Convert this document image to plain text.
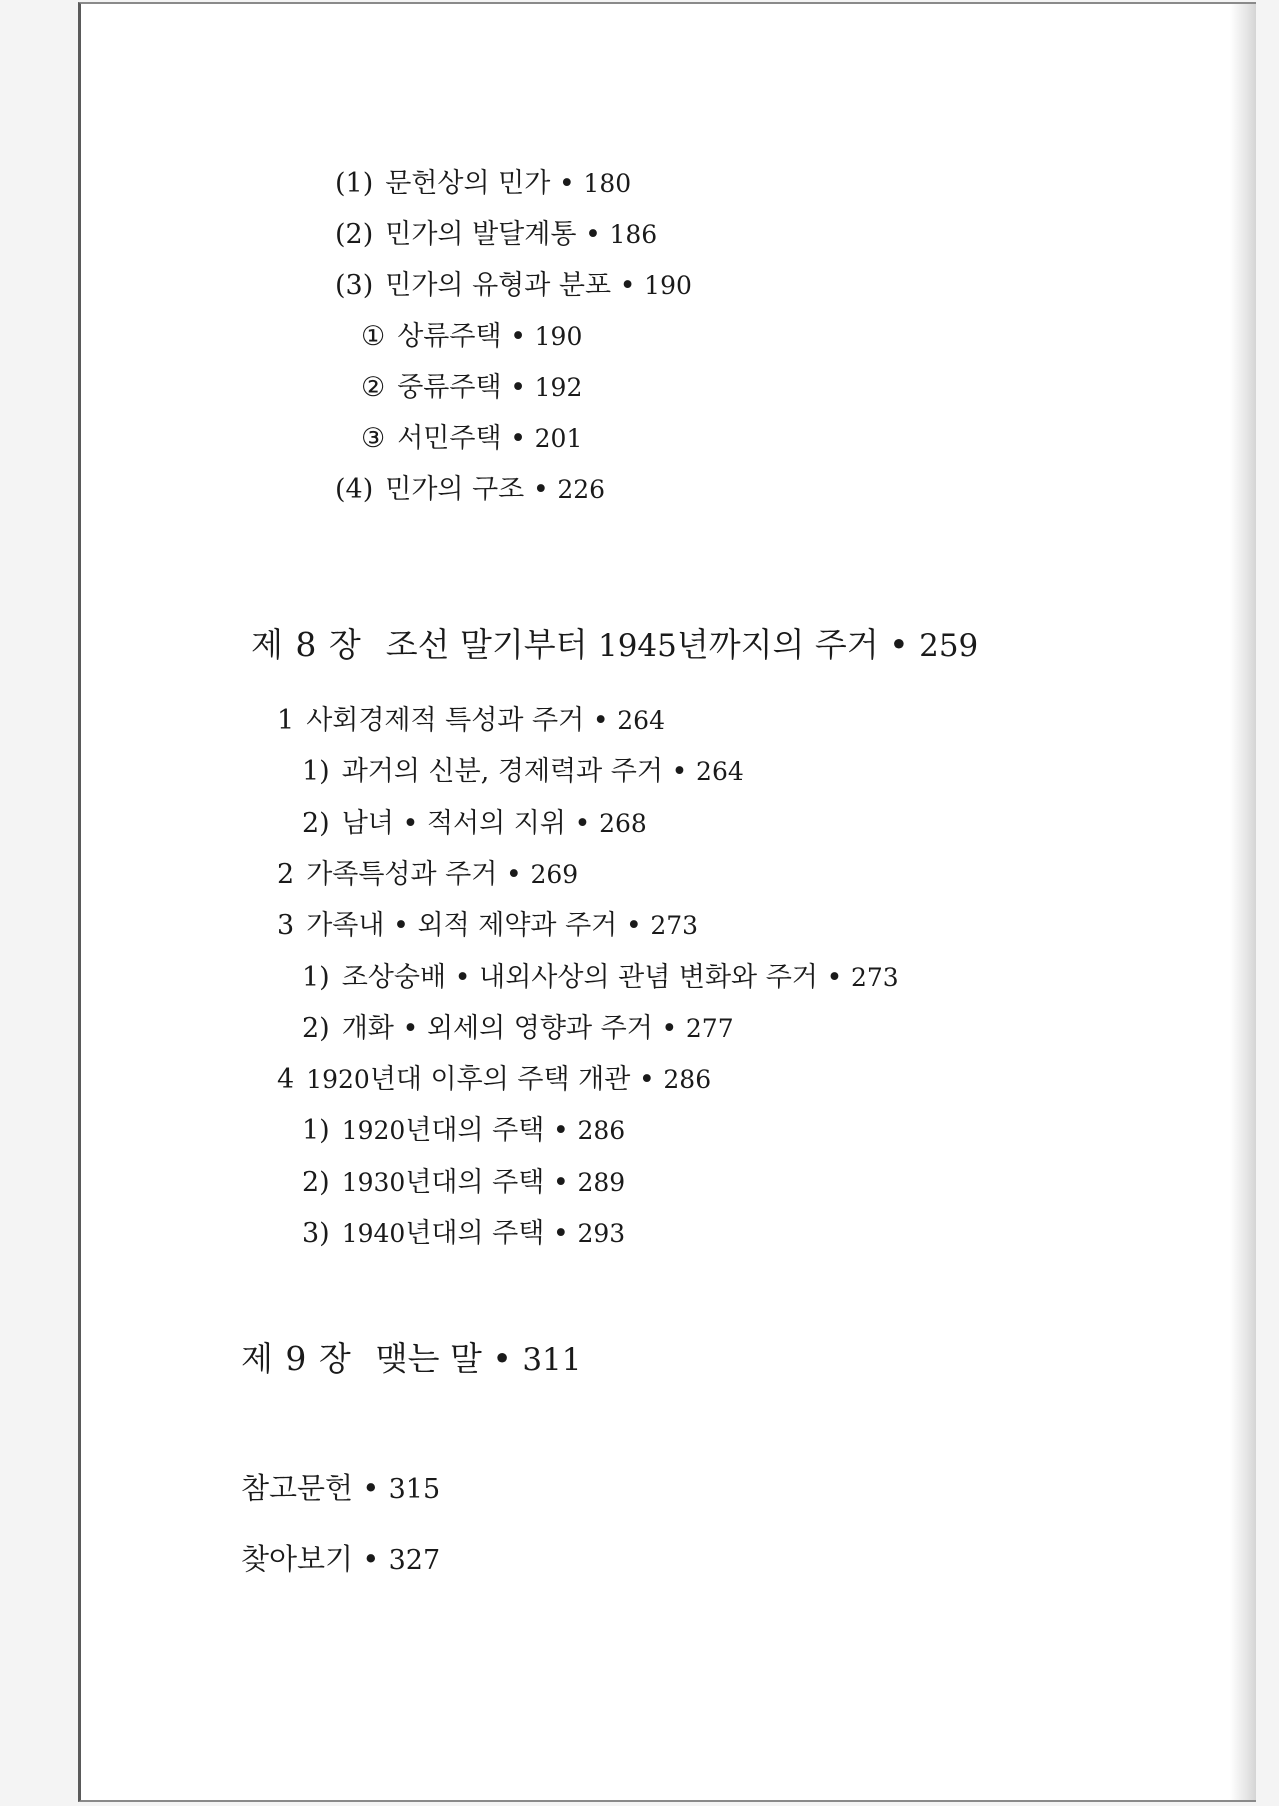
(1) 문헌상의 민가 • 180
(2) 민가의 발달계통 • 186
(3) 민가의 유형과 분포 • 190
① 상류주택 • 190
② 중류주택 • 192
③ 서민주택 • 201
(4) 민가의 구조 • 226
제 8 장 조선 말기부터 1945년까지의 주거 • 259
1 사회경제적 특성과 주거 • 264
1) 과거의 신분, 경제력과 주거 • 264
2) 남녀 • 적서의 지위 • 268
2 가족특성과 주거 • 269
3 가족내 • 외적 제약과 주거 • 273
1) 조상숭배 • 내외사상의 관념 변화와 주거 • 273
2) 개화 • 외세의 영향과 주거 • 277
4 1920년대 이후의 주택 개관 • 286
1) 1920년대의 주택 • 286
2) 1930년대의 주택 • 289
3) 1940년대의 주택 • 293
제 9 장 맺는 말 • 311
참고문헌 • 315
찾아보기 • 327
